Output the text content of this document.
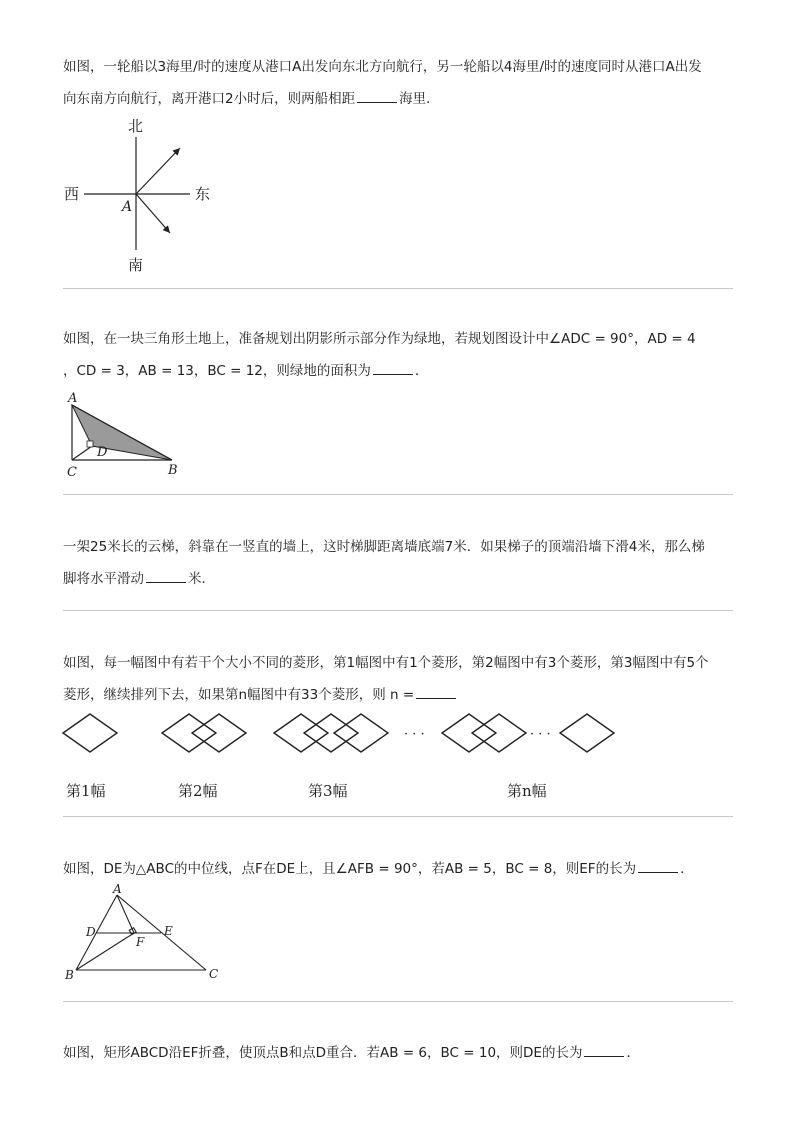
如图，一轮船以3海里/时的速度从港口A出发向东北方向航行，另一轮船以4海里/时的速度同时从港口A出发
向东南方向航行，离开港口2小时后，则两船相距	海里．
北
南
西	东
A
如图，在一块三角形土地上，准备规划出阴影所示部分作为绿地，若规划图设计中∠ADC = 90°，AD = 4
，CD = 3，AB = 13，BC = 12，则绿地的面积为	．
A
C	B
D
一架25米长的云梯，斜靠在一竖直的墙上，这时梯脚距离墙底端7米．如果梯子的顶端沿墙下滑4米，那么梯
脚将水平滑动	米．
如图，每一幅图中有若干个大小不同的菱形，第1幅图中有1个菱形，第2幅图中有3个菱形，第3幅图中有5个
菱形，继续排列下去，如果第n幅图中有33个菱形，则 n =
· · ·	· · ·
第1幅	第2幅	第3幅	第n幅
如图，DE为△ABC的中位线，点F在DE上，且∠AFB = 90°，若AB = 5，BC = 8，则EF的长为	．
A
D	E
F
B	C
如图，矩形ABCD沿EF折叠，使顶点B和点D重合．若AB = 6，BC = 10，则DE的长为	．
